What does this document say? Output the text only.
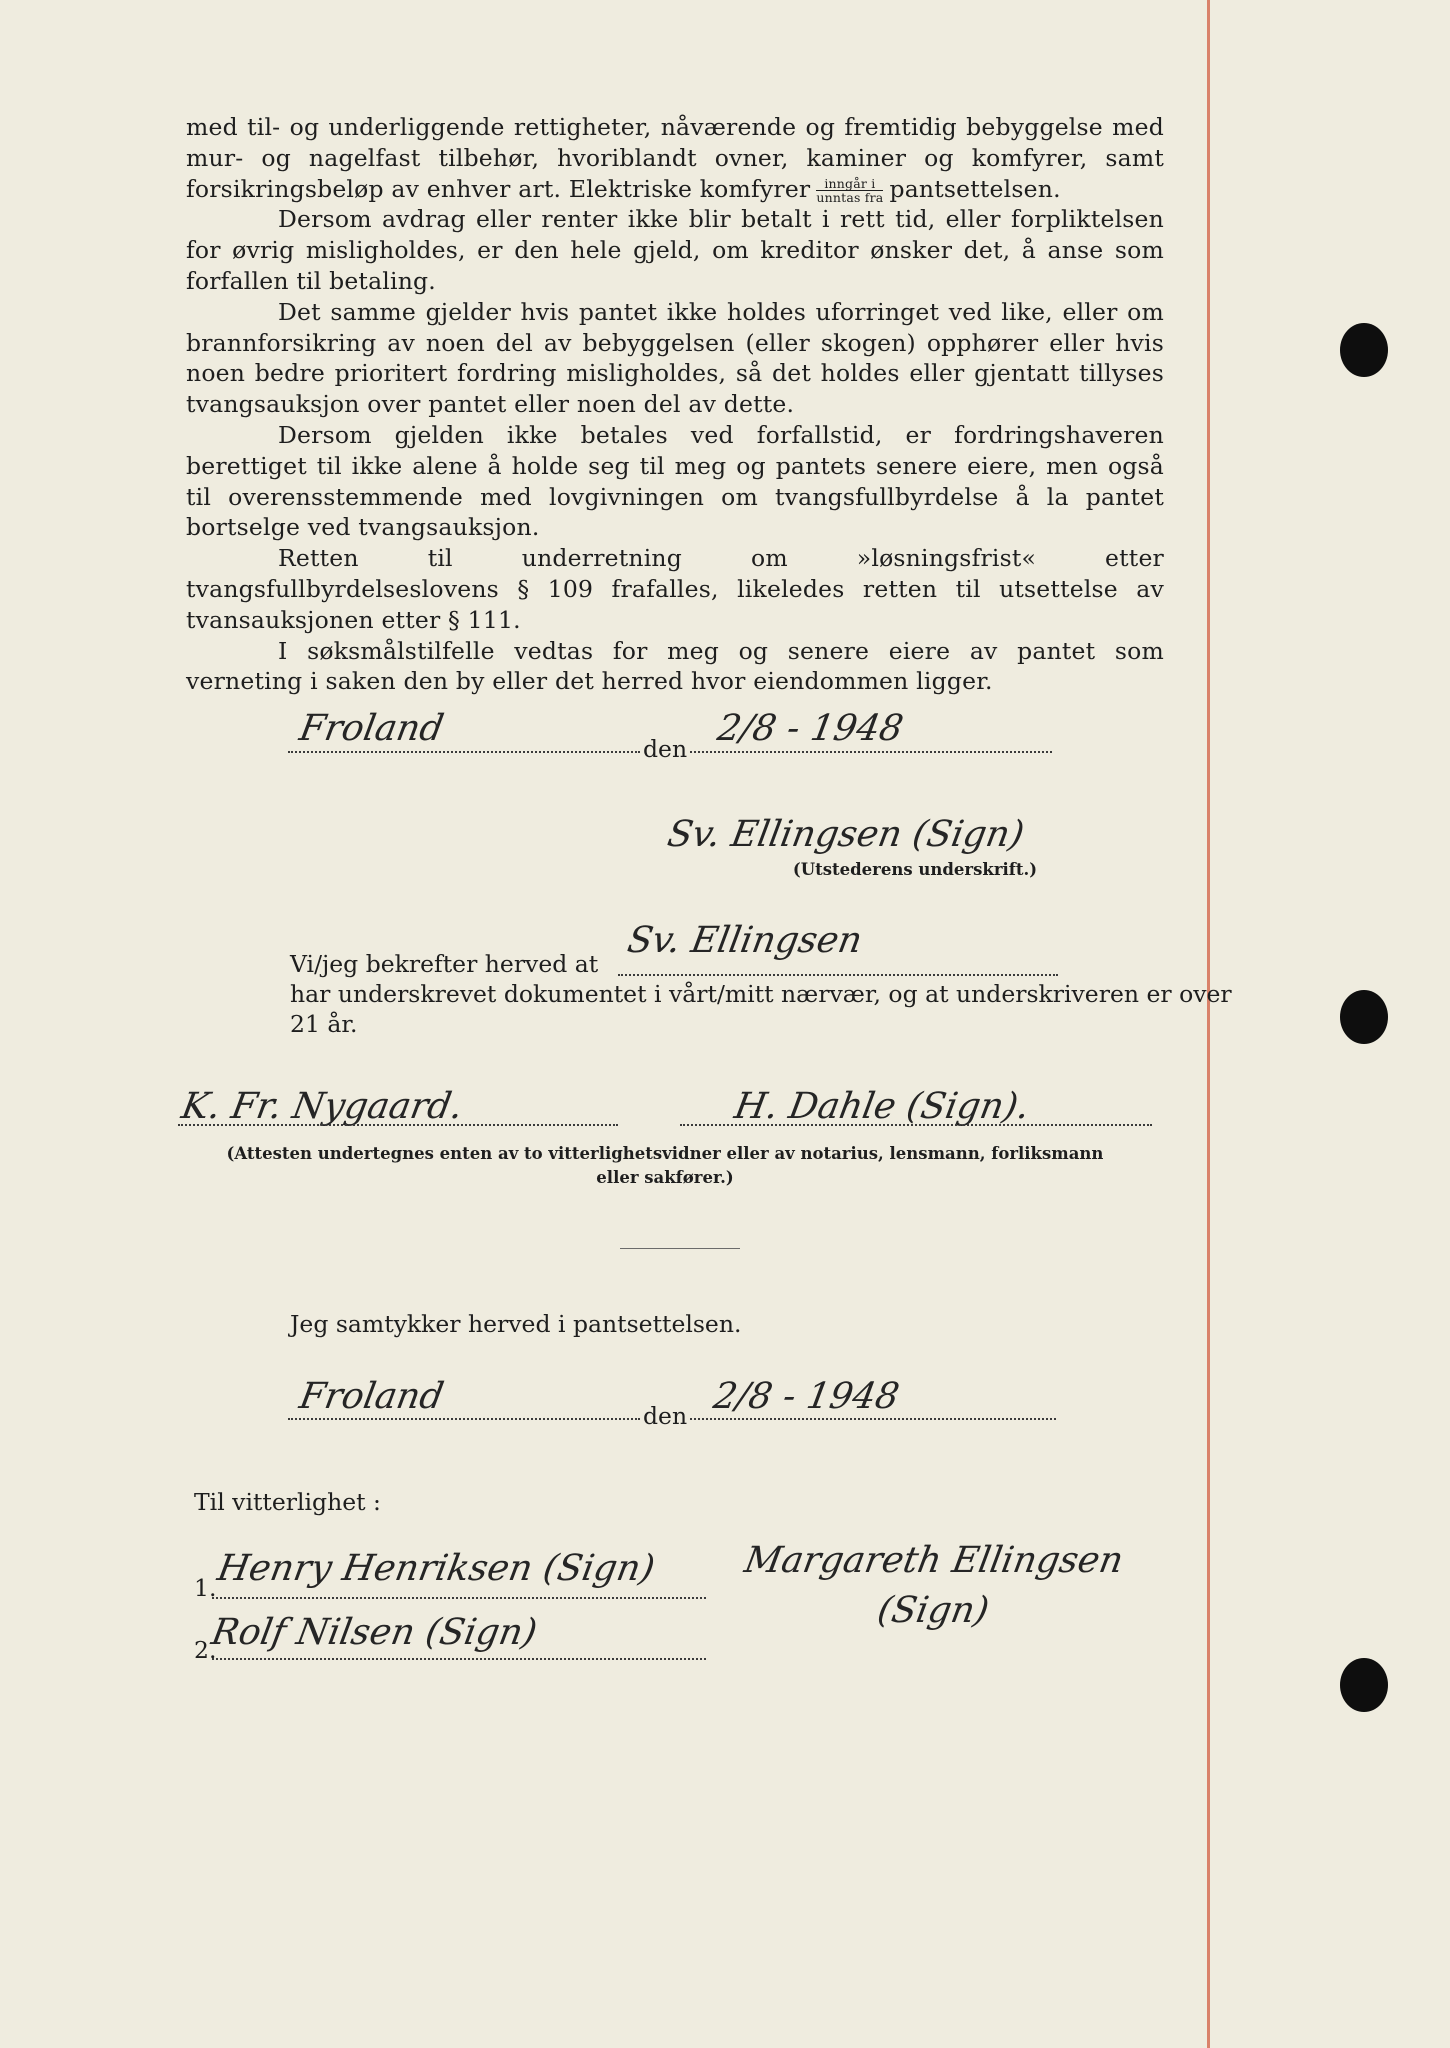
med til- og underliggende rettigheter, nåværende og fremtidig bebyggelse med mur- og nagelfast tilbehør, hvoriblandt ovner, kaminer og komfyrer, samt forsikringsbeløp av enhver art. Elektriske komfyrer $\frac{\text{inngår i}}{\text{unntas fra}}$ pantsettelsen.

Dersom avdrag eller renter ikke blir betalt i rett tid, eller forpliktelsen for øvrig misligholdes, er den hele gjeld, om kreditor ønsker det, å anse som forfallen til betaling.

Det samme gjelder hvis pantet ikke holdes uforringet ved like, eller om brannforsikring av noen del av bebyggelsen (eller skogen) opphører eller hvis noen bedre prioritert fordring misligholdes, så det holdes eller gjentatt tillyses tvangsauksjon over pantet eller noen del av dette.

Dersom gjelden ikke betales ved forfallstid, er fordringshaveren berettiget til ikke alene å holde seg til meg og pantets senere eiere, men også til overensstemmende med lovgivningen om tvangsfullbyrdelse å la pantet bortselge ved tvangsauksjon.

Retten til underretning om »løsningsfrist« etter tvangsfullbyrdelseslovens § 109 frafalles, likeledes retten til utsettelse av tvansauksjonen etter § 111.

I søksmålstilfelle vedtas for meg og senere eiere av pantet som verneting i saken den by eller det herred hvor eiendommen ligger.

Froland	den 2/8 - 1948
Sv. Ellingsen (Sign)
(Utstederens underskrift.)
Vi/jeg bekrefter herved at
Sv. Ellingsen
har underskrevet dokumentet i vårt/mitt nærvær, og at underskriveren er over
21 år.
K. Fr. Nygaard.	H. Dahle (Sign).
(Attesten undertegnes enten av to vitterlighetsvidner eller av notarius, lensmann, forliksmann
eller sakfører.)
Jeg samtykker herved i pantsettelsen.
Froland	den 2/8 - 1948
Til vitterlighet :
1.
Henry Henriksen (Sign)
2.
Rolf Nilsen (Sign)
Margareth Ellingsen
(Sign)
